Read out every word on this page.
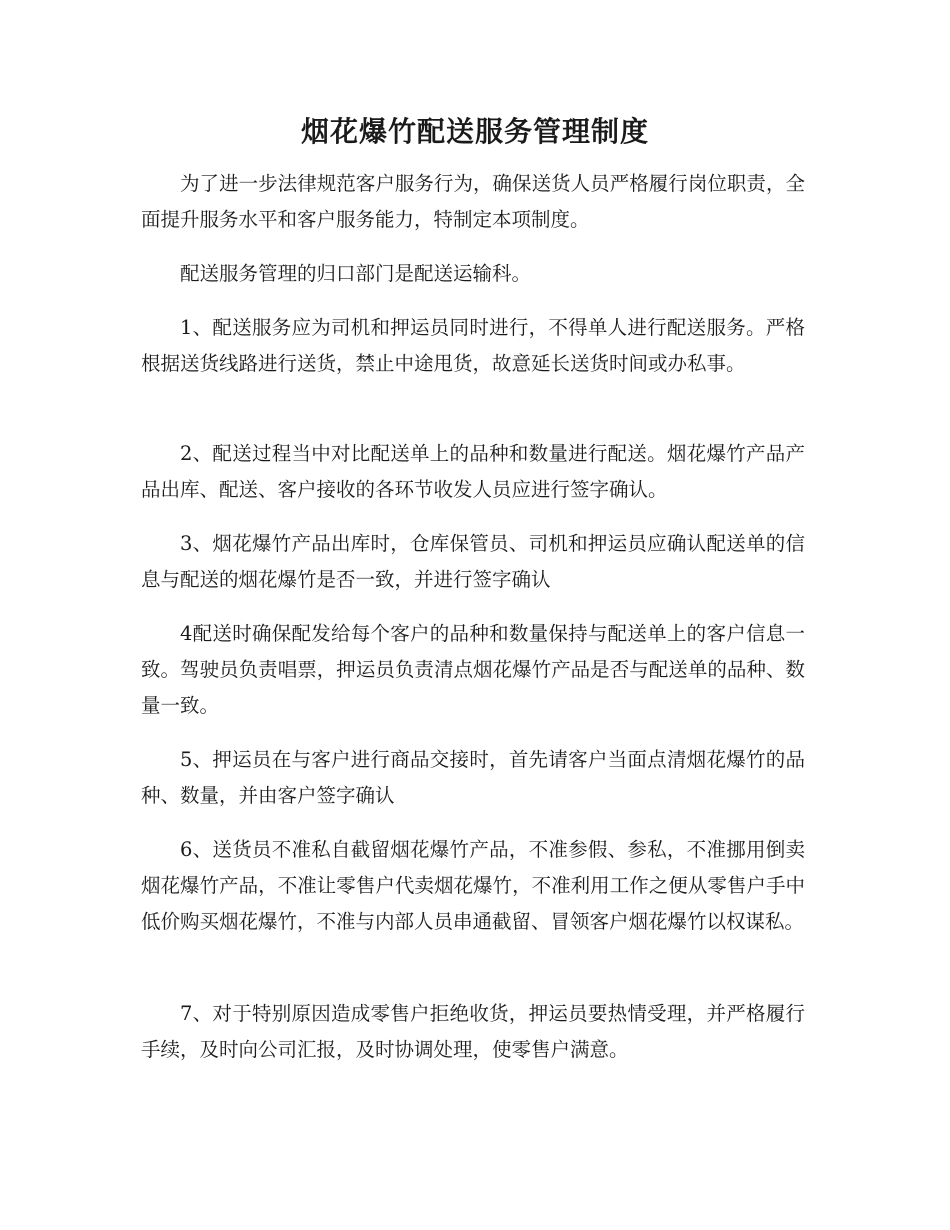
烟花爆竹配送服务管理制度

为了进一步法律规范客户服务行为，确保送货人员严格履行岗位职责，全面提升服务水平和客户服务能力，特制定本项制度。

配送服务管理的归口部门是配送运输科。

1、配送服务应为司机和押运员同时进行，不得单人进行配送服务。严格根据送货线路进行送货，禁止中途甩货，故意延长送货时间或办私事。

2、配送过程当中对比配送单上的品种和数量进行配送。烟花爆竹产品产品出库、配送、客户接收的各环节收发人员应进行签字确认。

3、烟花爆竹产品出库时，仓库保管员、司机和押运员应确认配送单的信息与配送的烟花爆竹是否一致，并进行签字确认

4配送时确保配发给每个客户的品种和数量保持与配送单上的客户信息一致。驾驶员负责唱票，押运员负责清点烟花爆竹产品是否与配送单的品种、数量一致。

5、押运员在与客户进行商品交接时，首先请客户当面点清烟花爆竹的品种、数量，并由客户签字确认

6、送货员不准私自截留烟花爆竹产品，不准参假、参私，不准挪用倒卖烟花爆竹产品，不准让零售户代卖烟花爆竹，不准利用工作之便从零售户手中低价购买烟花爆竹，不准与内部人员串通截留、冒领客户烟花爆竹以权谋私。

7、对于特别原因造成零售户拒绝收货，押运员要热情受理，并严格履行手续，及时向公司汇报，及时协调处理，使零售户满意。
